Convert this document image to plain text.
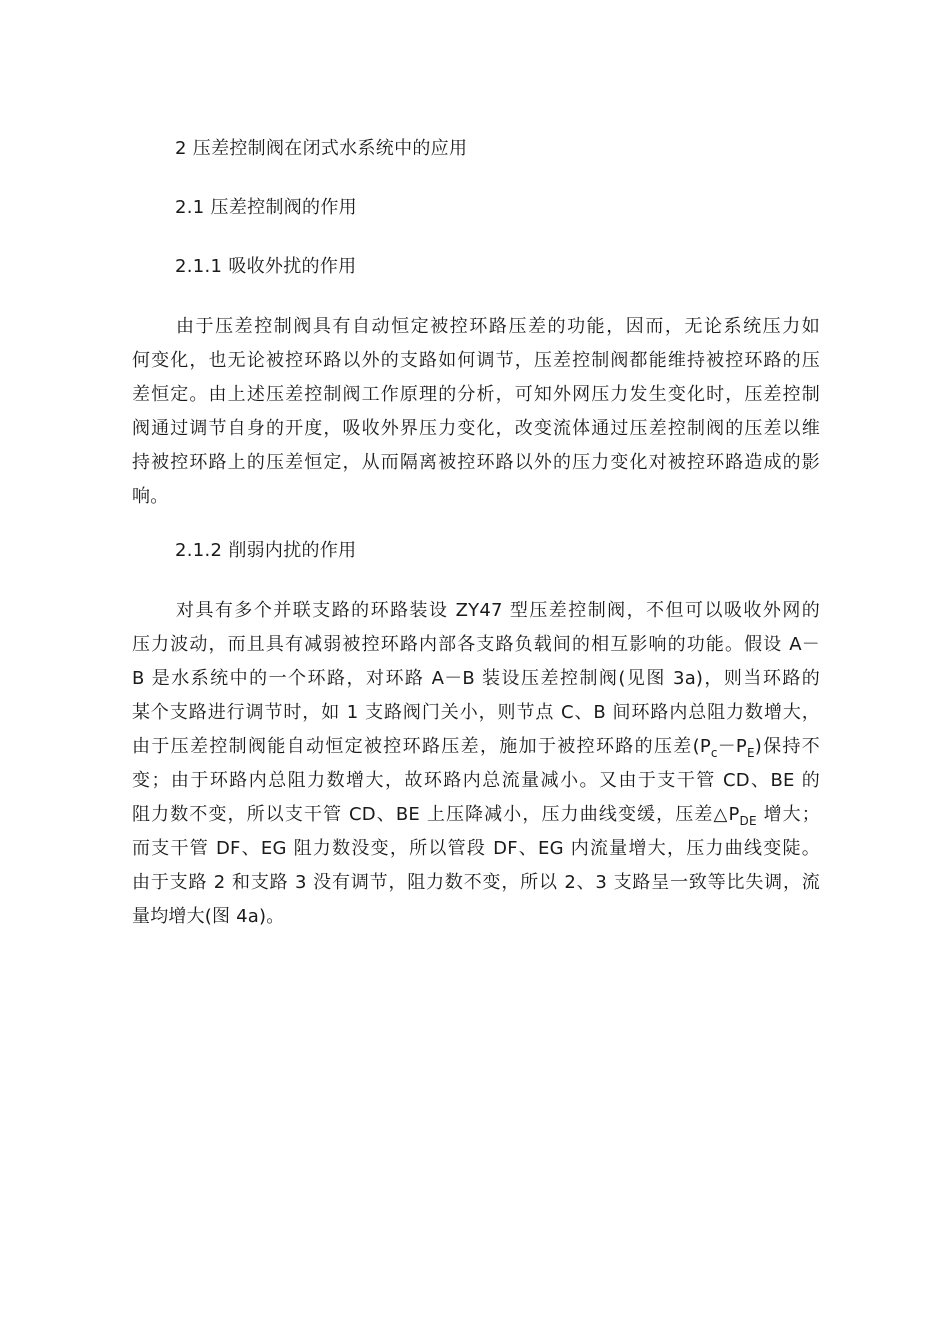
2 压差控制阀在闭式水系统中的应用
2.1 压差控制阀的作用
2.1.1 吸收外扰的作用
由于压差控制阀具有自动恒定被控环路压差的功能，因而，无论系统压力如
何变化，也无论被控环路以外的支路如何调节，压差控制阀都能维持被控环路的压
差恒定。由上述压差控制阀工作原理的分析，可知外网压力发生变化时，压差控制
阀通过调节自身的开度，吸收外界压力变化，改变流体通过压差控制阀的压差以维
持被控环路上的压差恒定，从而隔离被控环路以外的压力变化对被控环路造成的影
响。
2.1.2 削弱内扰的作用
对具有多个并联支路的环路装设 ZY47 型压差控制阀，不但可以吸收外网的
压力波动，而且具有减弱被控环路内部各支路负载间的相互影响的功能。假设 A－
B 是水系统中的一个环路，对环路 A－B 装设压差控制阀(见图 3a)，则当环路的
某个支路进行调节时，如 1 支路阀门关小，则节点 C、B 间环路内总阻力数增大，
由于压差控制阀能自动恒定被控环路压差，施加于被控环路的压差$(P_c-P_E)$保持不
变；由于环路内总阻力数增大，故环路内总流量减小。又由于支干管 CD、BE 的
阻力数不变，所以支干管 CD、BE 上压降减小，压力曲线变缓，压差$\triangle P_{DE}$ 增大；
而支干管 DF、EG 阻力数没变，所以管段 DF、EG 内流量增大，压力曲线变陡。
由于支路 2 和支路 3 没有调节，阻力数不变，所以 2、3 支路呈一致等比失调，流
量均增大(图 4a)。
